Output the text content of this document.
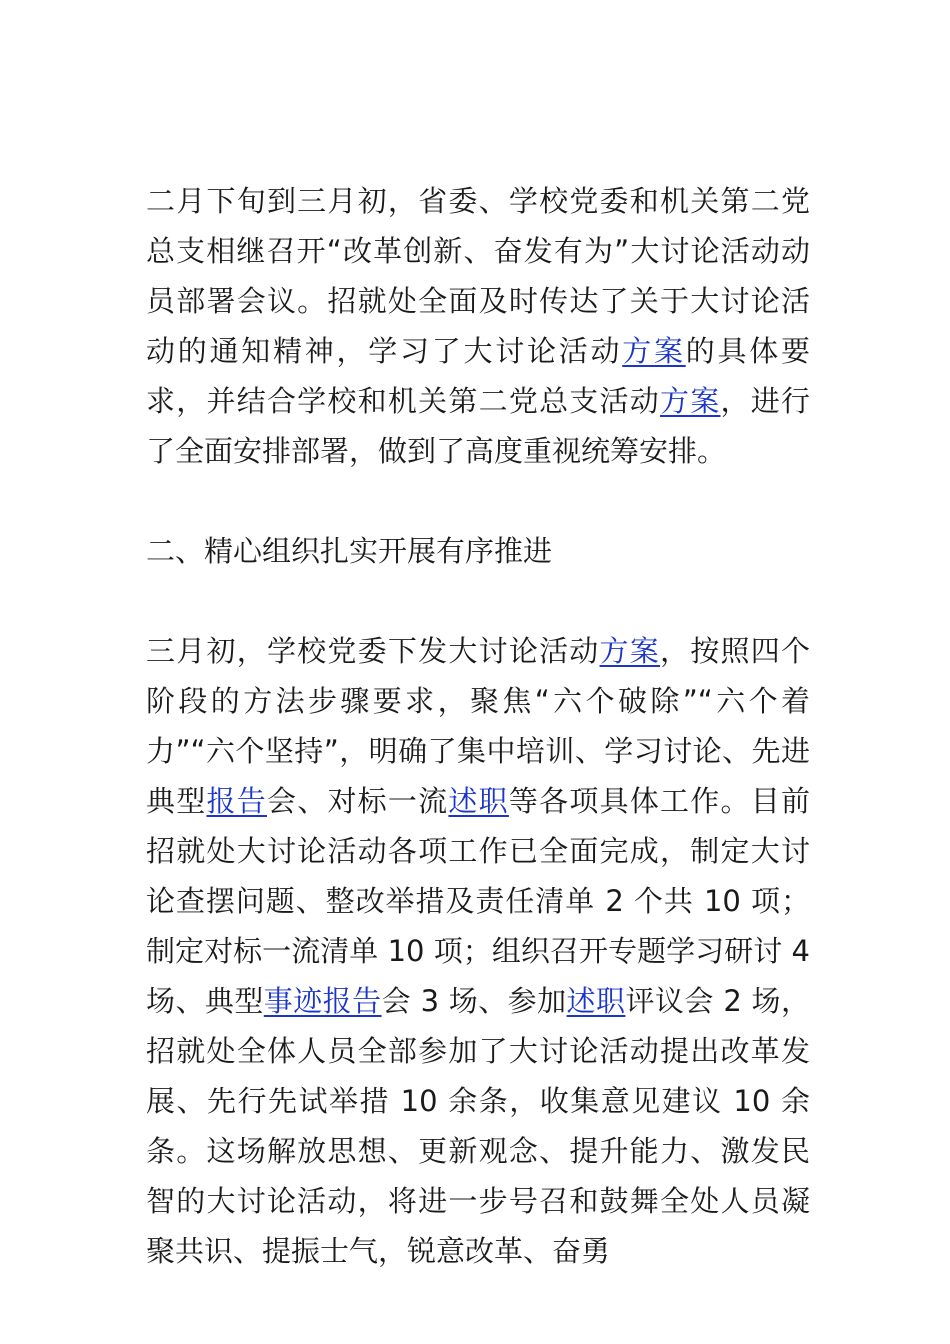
二月下旬到三月初，省委、学校党委和机关第二党总支相继召开“改革创新、奋发有为”大讨论活动动员部署会议。招就处全面及时传达了关于大讨论活动的通知精神，学习了大讨论活动方案的具体要求，并结合学校和机关第二党总支活动方案，进行了全面安排部署，做到了高度重视统筹安排。

二、精心组织扎实开展有序推进

三月初，学校党委下发大讨论活动方案，按照四个阶段的方法步骤要求，聚焦“六个破除”“六个着力”“六个坚持”，明确了集中培训、学习讨论、先进典型报告会、对标一流述职等各项具体工作。目前招就处大讨论活动各项工作已全面完成，制定大讨论查摆问题、整改举措及责任清单 2 个共 10 项；制定对标一流清单 10 项；组织召开专题学习研讨 4 场、典型事迹报告会 3 场、参加述职评议会 2 场，招就处全体人员全部参加了大讨论活动提出改革发展、先行先试举措 10 余条，收集意见建议 10 余条。这场解放思想、更新观念、提升能力、激发民智的大讨论活动，将进一步号召和鼓舞全处人员凝聚共识、提振士气，锐意改革、奋勇
